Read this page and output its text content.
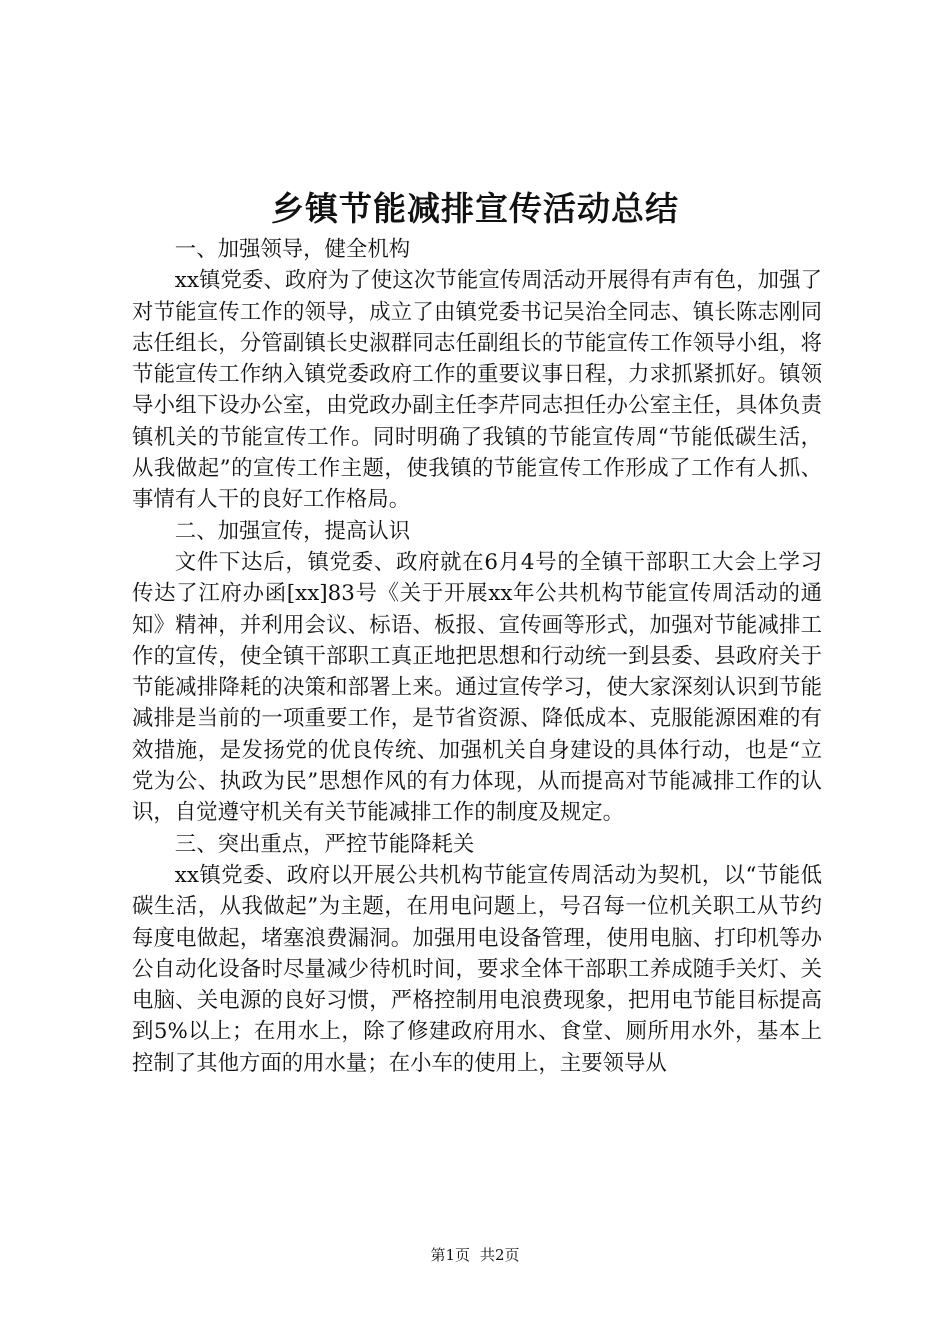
乡镇节能减排宣传活动总结

一、加强领导，健全机构

xx镇党委、政府为了使这次节能宣传周活动开展得有声有色，加强了对节能宣传工作的领导，成立了由镇党委书记吴治全同志、镇长陈志刚同志任组长，分管副镇长史淑群同志任副组长的节能宣传工作领导小组，将节能宣传工作纳入镇党委政府工作的重要议事日程，力求抓紧抓好。镇领导小组下设办公室，由党政办副主任李芹同志担任办公室主任，具体负责镇机关的节能宣传工作。同时明确了我镇的节能宣传周“节能低碳生活，从我做起”的宣传工作主题，使我镇的节能宣传工作形成了工作有人抓、事情有人干的良好工作格局。

二、加强宣传，提高认识

文件下达后，镇党委、政府就在6月4号的全镇干部职工大会上学习传达了江府办函[xx]83号《关于开展xx年公共机构节能宣传周活动的通知》精神，并利用会议、标语、板报、宣传画等形式，加强对节能减排工作的宣传，使全镇干部职工真正地把思想和行动统一到县委、县政府关于节能减排降耗的决策和部署上来。通过宣传学习，使大家深刻认识到节能减排是当前的一项重要工作，是节省资源、降低成本、克服能源困难的有效措施，是发扬党的优良传统、加强机关自身建设的具体行动，也是“立党为公、执政为民”思想作风的有力体现，从而提高对节能减排工作的认识，自觉遵守机关有关节能减排工作的制度及规定。

三、突出重点，严控节能降耗关

xx镇党委、政府以开展公共机构节能宣传周活动为契机，以“节能低碳生活，从我做起”为主题，在用电问题上，号召每一位机关职工从节约每度电做起，堵塞浪费漏洞。加强用电设备管理，使用电脑、打印机等办公自动化设备时尽量减少待机时间，要求全体干部职工养成随手关灯、关电脑、关电源的良好习惯，严格控制用电浪费现象，把用电节能目标提高到5%以上；在用水上，除了修建政府用水、食堂、厕所用水外，基本上控制了其他方面的用水量；在小车的使用上，主要领导从

第1页 共2页
